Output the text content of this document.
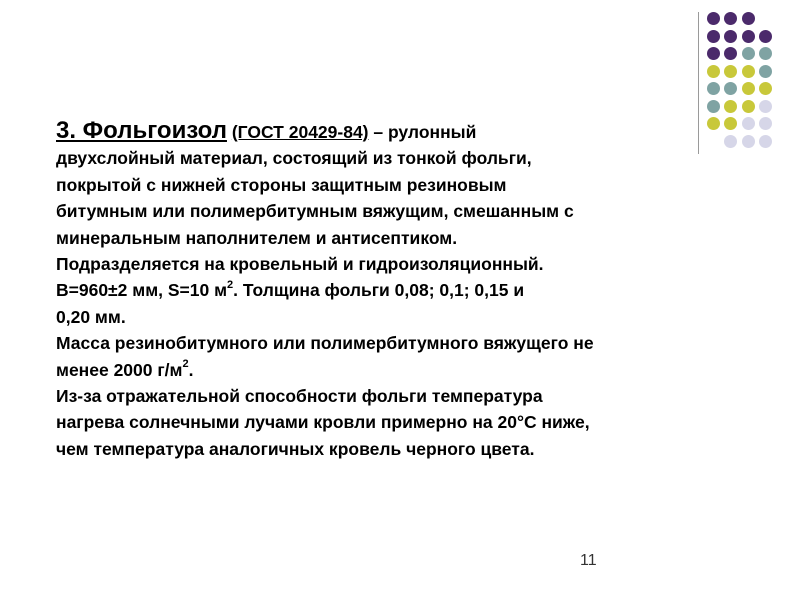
3. Фольгоизол (ГОСТ 20429-84) – рулонный
двухслойный материал, состоящий из тонкой фольги,
покрытой с нижней стороны защитным резиновым
битумным или полимербитумным вяжущим, смешанным с
минеральным наполнителем и антисептиком.
Подразделяется на кровельный и гидроизоляционный.
B=960±2 мм, S=10 $м^2$. Толщина фольги 0,08; 0,1; 0,15 и
0,20 мм.
Масса резинобитумного или полимербитумного вяжущего не
менее 2000 $г/м^2$.
Из-за отражательной способности фольги температура
нагрева солнечными лучами кровли примерно на 20°С ниже,
чем температура аналогичных кровель черного цвета.
11
